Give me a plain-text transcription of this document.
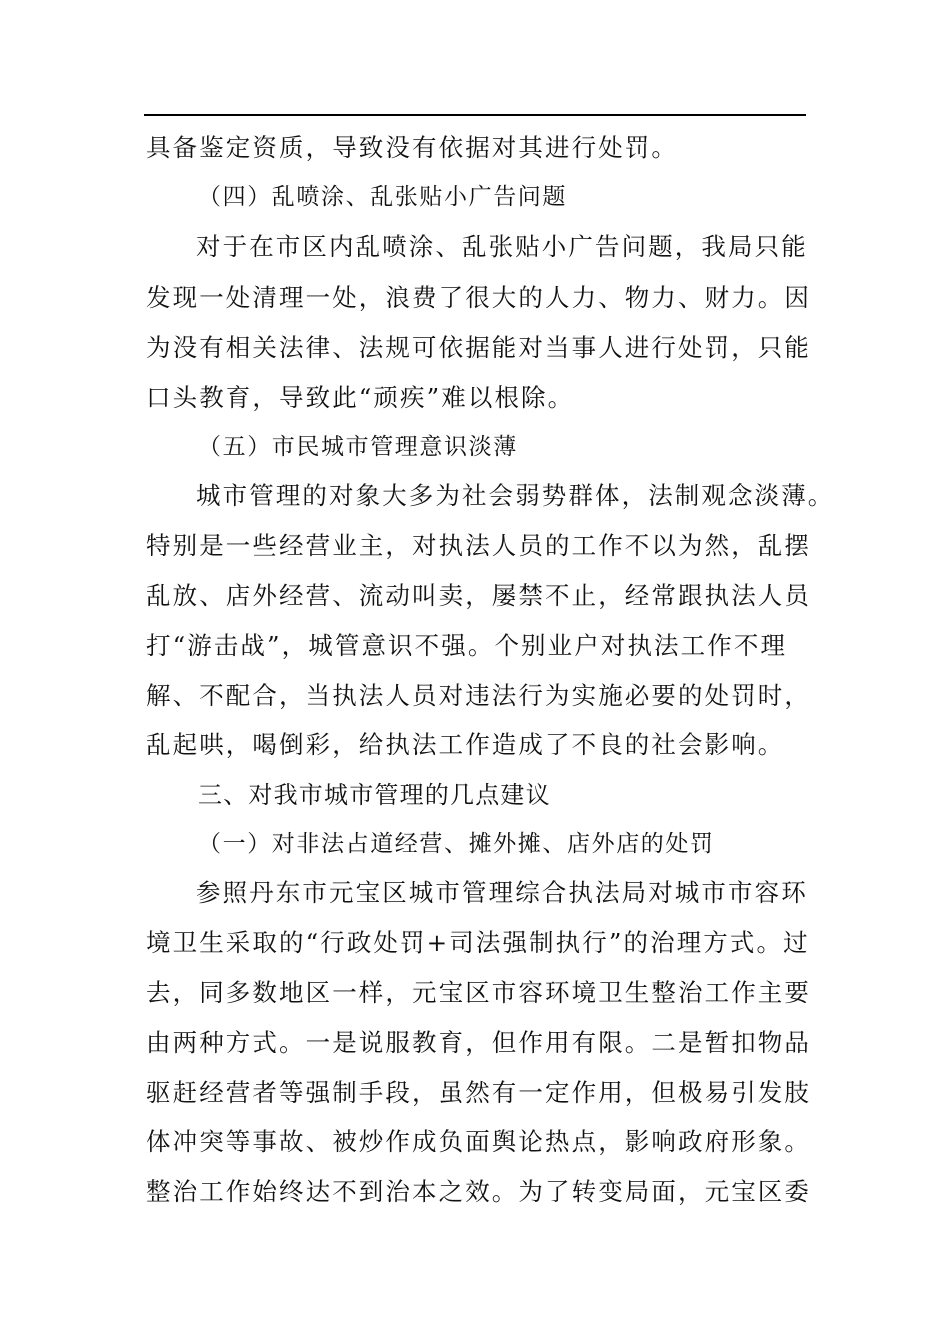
具备鉴定资质，导致没有依据对其进行处罚。
（四）乱喷涂、乱张贴小广告问题
对于在市区内乱喷涂、乱张贴小广告问题，我局只能
发现一处清理一处，浪费了很大的人力、物力、财力。因
为没有相关法律、法规可依据能对当事人进行处罚，只能
口头教育，导致此“顽疾”难以根除。
（五）市民城市管理意识淡薄
城市管理的对象大多为社会弱势群体，法制观念淡薄。
特别是一些经营业主，对执法人员的工作不以为然，乱摆
乱放、店外经营、流动叫卖，屡禁不止，经常跟执法人员
打“游击战”，城管意识不强。个别业户对执法工作不理
解、不配合，当执法人员对违法行为实施必要的处罚时，
乱起哄，喝倒彩，给执法工作造成了不良的社会影响。
三、对我市城市管理的几点建议
（一）对非法占道经营、摊外摊、店外店的处罚
参照丹东市元宝区城市管理综合执法局对城市市容环
境卫生采取的“行政处罚+司法强制执行”的治理方式。过
去，同多数地区一样，元宝区市容环境卫生整治工作主要
由两种方式。一是说服教育，但作用有限。二是暂扣物品
驱赶经营者等强制手段，虽然有一定作用，但极易引发肢
体冲突等事故、被炒作成负面舆论热点，影响政府形象。
整治工作始终达不到治本之效。为了转变局面，元宝区委
